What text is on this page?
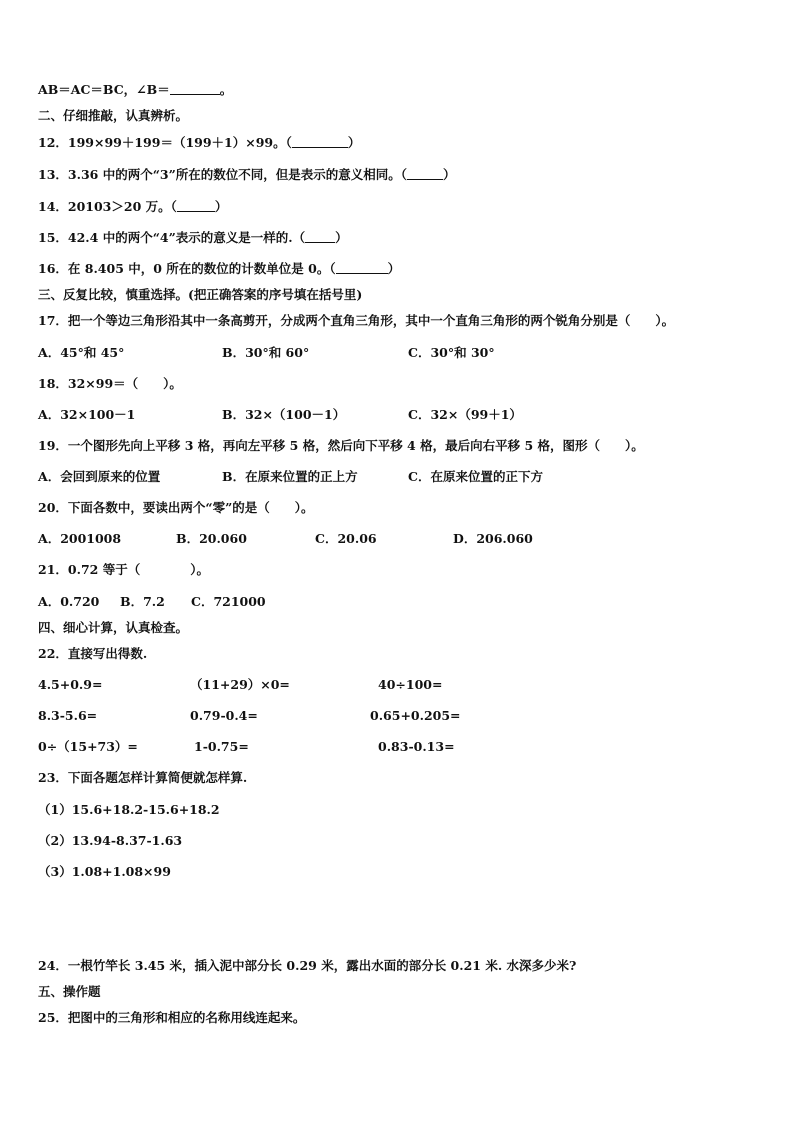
AB＝AC＝BC，∠B＝	。
二、仔细推敲，认真辨析。
12．199×99＋199＝（199＋1）×99。（	）
13．3.36 中的两个“3”所在的数位不同，但是表示的意义相同。（	）
14．20103＞20 万。（	）
15．42.4 中的两个“4”表示的意义是一样的.（ ）
16．在 8.405 中，0 所在的数位的计数单位是 0。（	）
三、反复比较，慎重选择。(把正确答案的序号填在括号里)
17．把一个等边三角形沿其中一条高剪开，分成两个直角三角形，其中一个直角三角形的两个锐角分别是（　　）。
A．45°和 45°	B．30°和 60°	C．30°和 30°
18．32×99＝（　　）。
A．32×100－1	B．32×（100－1）	C．32×（99＋1）
19．一个图形先向上平移 3 格，再向左平移 5 格，然后向下平移 4 格，最后向右平移 5 格，图形（　　）。
A．会回到原来的位置	B．在原来位置的正上方	C．在原来位置的正下方
20．下面各数中，要读出两个“零”的是（　　）。
A．2001008	B．20.060	C．20.06	D．206.060
21．0.72 等于（　　　　）。
A．0.720 B．7.2 C．721000
四、细心计算，认真检查。
22．直接写出得数.
4.5+0.9=	（11+29）×0=	40÷100=
8.3-5.6=	0.79-0.4=	0.65+0.205=
0÷（15+73）=	1-0.75=	0.83-0.13=
23．下面各题怎样计算简便就怎样算.
（1）15.6+18.2-15.6+18.2
（2）13.94-8.37-1.63
（3）1.08+1.08×99
24．一根竹竿长 3.45 米，插入泥中部分长 0.29 米，露出水面的部分长 0.21 米. 水深多少米?
五、操作题
25．把图中的三角形和相应的名称用线连起来。
